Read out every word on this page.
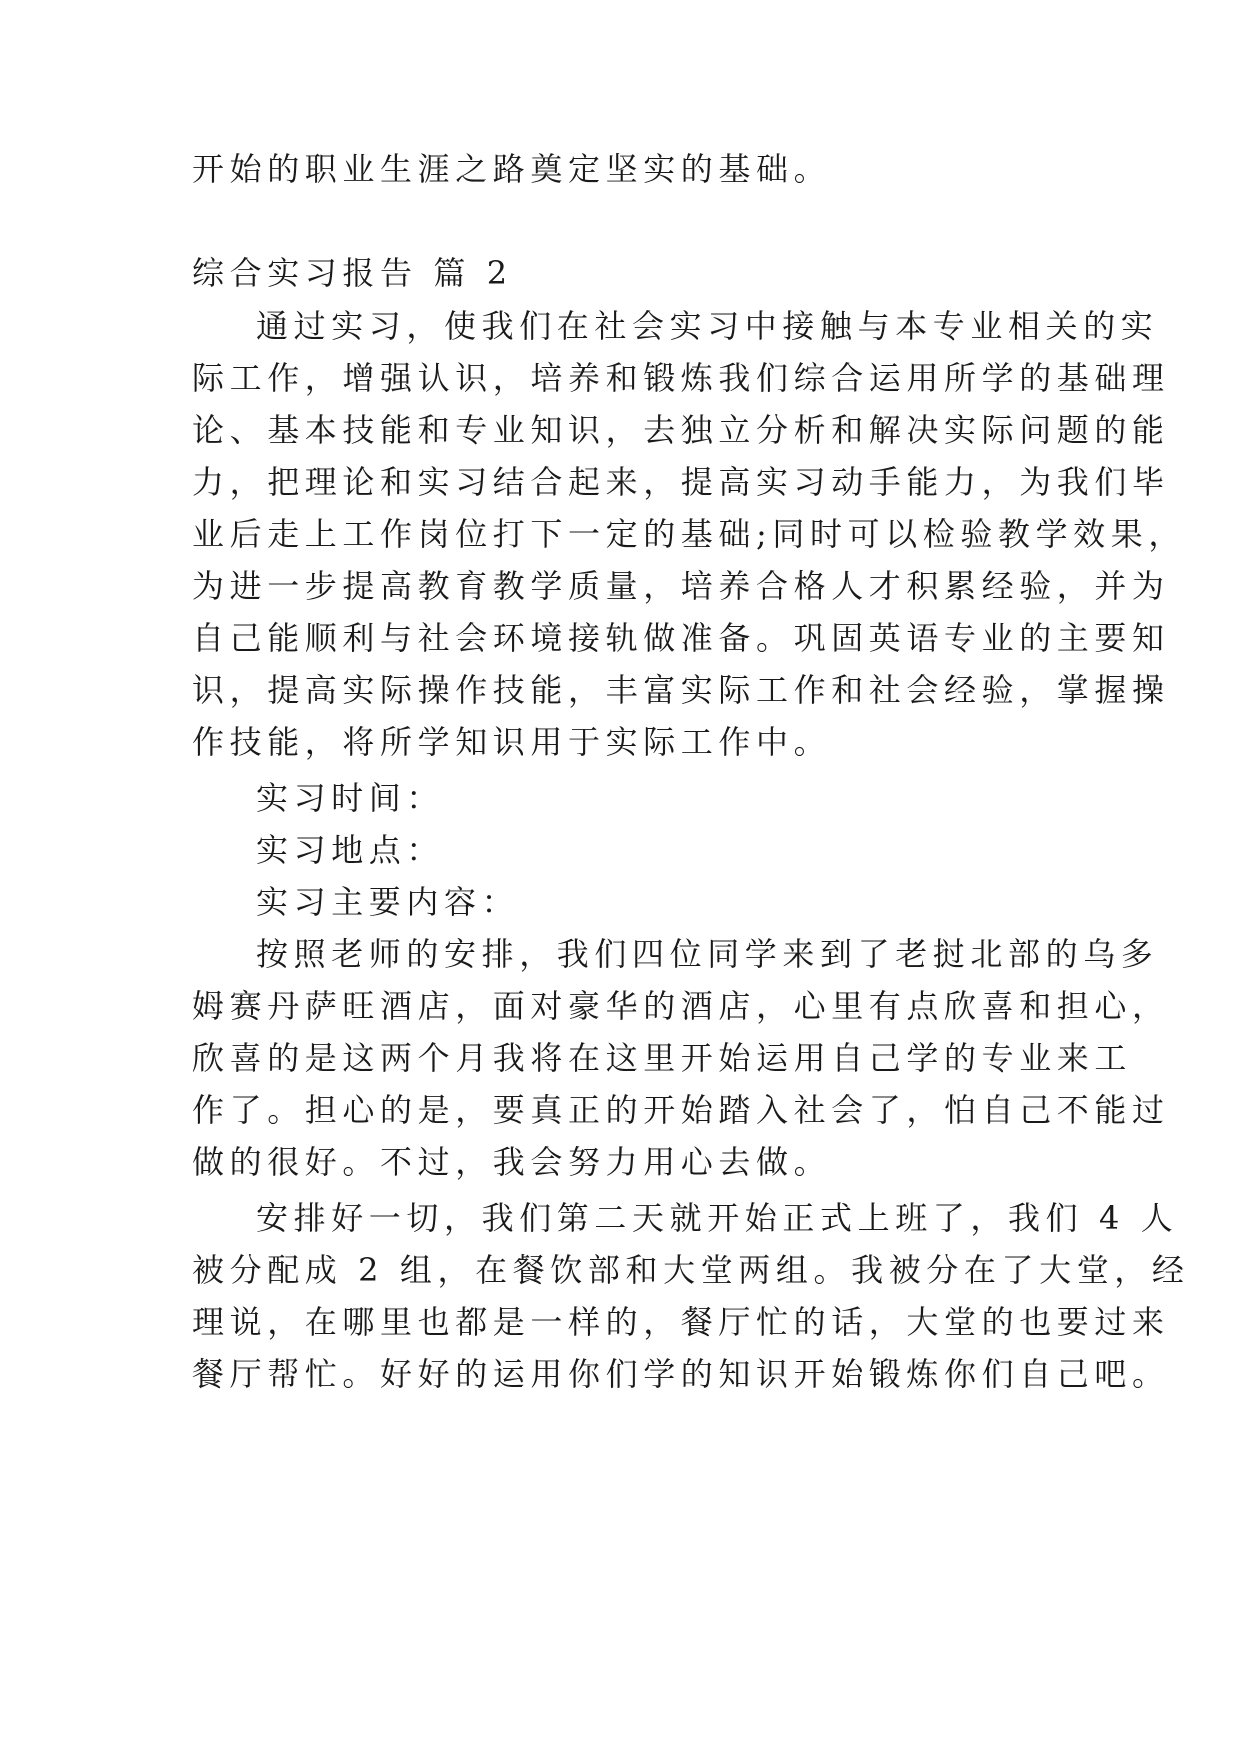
开始的职业生涯之路奠定坚实的基础。
综合实习报告 篇 2
通过实习，使我们在社会实习中接触与本专业相关的实
际工作，增强认识，培养和锻炼我们综合运用所学的基础理
论、基本技能和专业知识，去独立分析和解决实际问题的能
力，把理论和实习结合起来，提高实习动手能力，为我们毕
业后走上工作岗位打下一定的基础;同时可以检验教学效果，
为进一步提高教育教学质量，培养合格人才积累经验，并为
自己能顺利与社会环境接轨做准备。巩固英语专业的主要知
识，提高实际操作技能，丰富实际工作和社会经验，掌握操
作技能，将所学知识用于实际工作中。
实习时间：
实习地点：
实习主要内容：
按照老师的安排，我们四位同学来到了老挝北部的乌多
姆赛丹萨旺酒店，面对豪华的酒店，心里有点欣喜和担心，
欣喜的是这两个月我将在这里开始运用自己学的专业来工
作了。担心的是，要真正的开始踏入社会了，怕自己不能过
做的很好。不过，我会努力用心去做。
安排好一切，我们第二天就开始正式上班了，我们 4 人
被分配成 2 组，在餐饮部和大堂两组。我被分在了大堂，经
理说，在哪里也都是一样的，餐厅忙的话，大堂的也要过来
餐厅帮忙。好好的运用你们学的知识开始锻炼你们自己吧。
